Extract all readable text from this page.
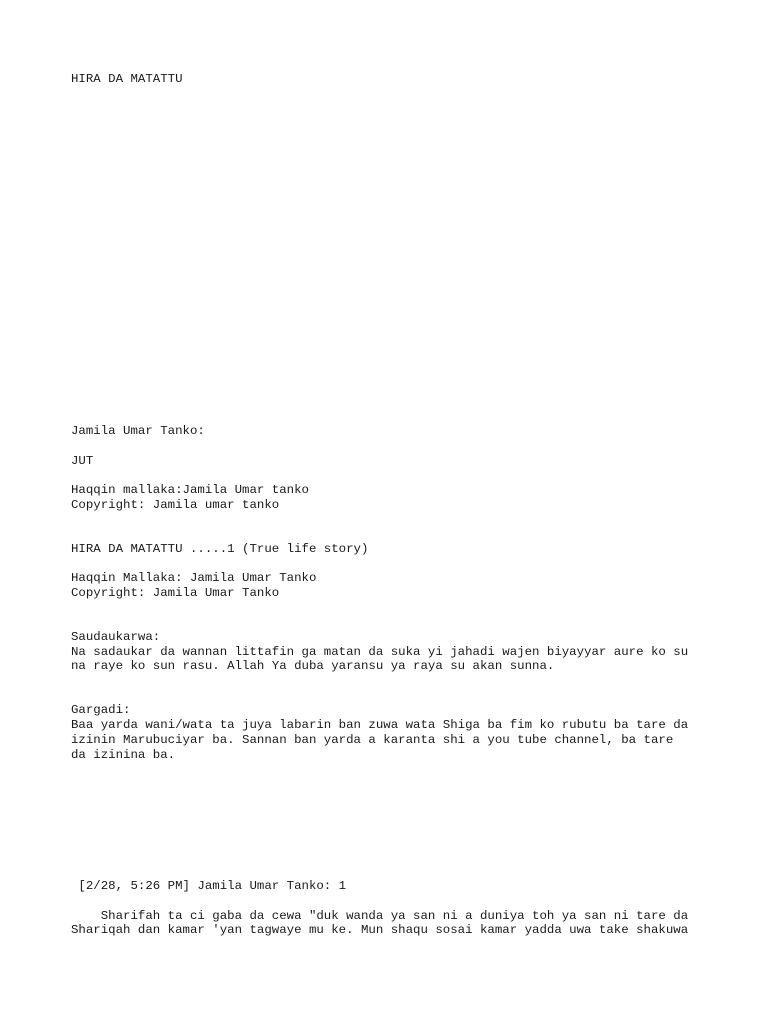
HIRA DA MATATTU

Jamila Umar Tanko:

JUT

Haqqin mallaka:Jamila Umar tanko

Copyright: Jamila umar tanko

HIRA DA MATATTU .....1 (True life story)

Haqqin Mallaka: Jamila Umar Tanko

Copyright: Jamila Umar Tanko

Saudaukarwa:

Na sadaukar da wannan littafin ga matan da suka yi jahadi wajen biyayyar aure ko su

na raye ko sun rasu. Allah Ya duba yaransu ya raya su akan sunna.

Gargadi:

Baa yarda wani/wata ta juya labarin ban zuwa wata Shiga ba fim ko rubutu ba tare da

izinin Marubuciyar ba. Sannan ban yarda a karanta shi a you tube channel, ba tare

da izinina ba.

[2/28, 5:26 PM] Jamila Umar Tanko: 1

Sharifah ta ci gaba da cewa "duk wanda ya san ni a duniya toh ya san ni tare da

Shariqah dan kamar 'yan tagwaye mu ke. Mun shaqu sosai kamar yadda uwa take shakuwa
